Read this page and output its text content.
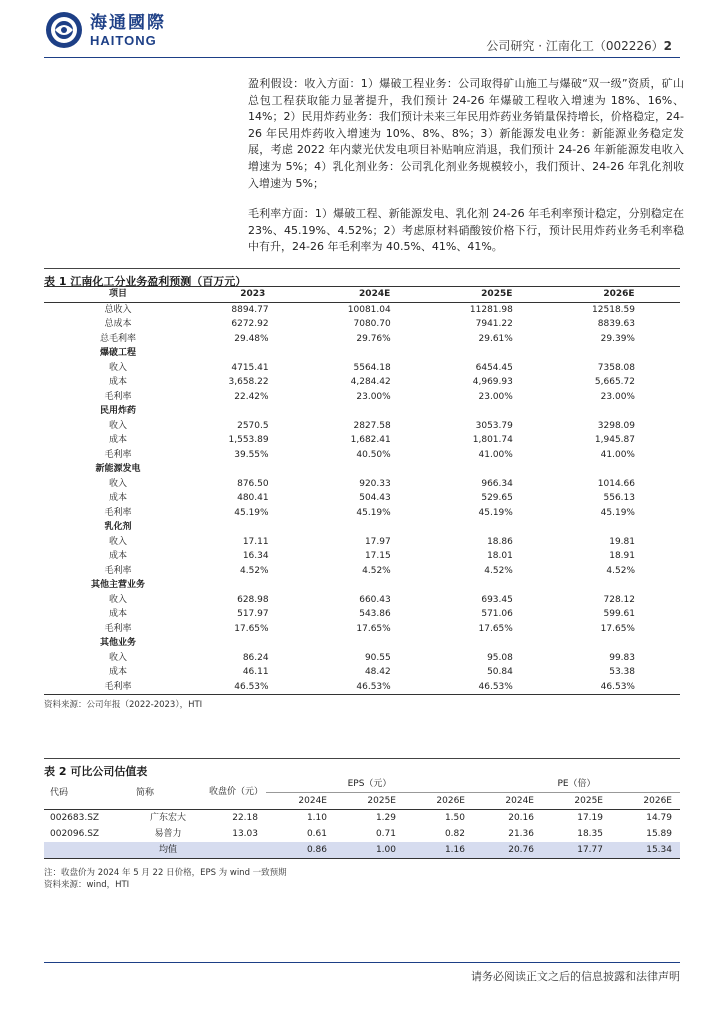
海通國際
HAITONG	公司研究 · 江南化工（002226）2
盈利假设：收入方面：1）爆破工程业务：公司取得矿山施工与爆破“双一级”资质，矿山总包工程获取能力显著提升，我们预计 24-26 年爆破工程收入增速为 18%、16%、14%；2）民用炸药业务：我们预计未来三年民用炸药业务销量保持增长，价格稳定，24-26 年民用炸药收入增速为 10%、8%、8%；3）新能源发电业务：新能源业务稳定发展，考虑 2022 年内蒙光伏发电项目补贴响应消退，我们预计 24-26 年新能源发电收入增速为 5%；4）乳化剂业务：公司乳化剂业务规模较小，我们预计、24-26 年乳化剂收入增速为 5%；
毛利率方面：1）爆破工程、新能源发电、乳化剂 24-26 年毛利率预计稳定，分别稳定在 23%、45.19%、4.52%；2）考虑原材料硝酸铵价格下行，预计民用炸药业务毛利率稳中有升，24-26 年毛利率为 40.5%、41%、41%。
表 1 江南化工分业务盈利预测（百万元）
项目	2023	2024E	2025E	2026E
总收入	8894.77	10081.04	11281.98	12518.59
总成本	6272.92	7080.70	7941.22	8839.63
总毛利率	29.48%	29.76%	29.61%	29.39%
爆破工程				
收入	4715.41	5564.18	6454.45	7358.08
成本	3,658.22	4,284.42	4,969.93	5,665.72
毛利率	22.42%	23.00%	23.00%	23.00%
民用炸药				
收入	2570.5	2827.58	3053.79	3298.09
成本	1,553.89	1,682.41	1,801.74	1,945.87
毛利率	39.55%	40.50%	41.00%	41.00%
新能源发电				
收入	876.50	920.33	966.34	1014.66
成本	480.41	504.43	529.65	556.13
毛利率	45.19%	45.19%	45.19%	45.19%
乳化剂				
收入	17.11	17.97	18.86	19.81
成本	16.34	17.15	18.01	18.91
毛利率	4.52%	4.52%	4.52%	4.52%
其他主营业务				
收入	628.98	660.43	693.45	728.12
成本	517.97	543.86	571.06	599.61
毛利率	17.65%	17.65%	17.65%	17.65%
其他业务				
收入	86.24	90.55	95.08	99.83
成本	46.11	48.42	50.84	53.38
毛利率	46.53%	46.53%	46.53%	46.53%
资料来源：公司年报（2022-2023），HTI
表 2 可比公司估值表
代码	简称	收盘价（元）	EPS（元）			PE（倍）		
			2024E	2025E	2026E	2024E	2025E	2026E
002683.SZ	广东宏大	22.18	1.10	1.29	1.50	20.16	17.19	14.79
002096.SZ	易普力	13.03	0.61	0.71	0.82	21.36	18.35	15.89
	均值		0.86	1.00	1.16	20.76	17.77	15.34
注：收盘价为 2024 年 5 月 22 日价格，EPS 为 wind 一致预期
资料来源：wind，HTI
请务必阅读正文之后的信息披露和法律声明
